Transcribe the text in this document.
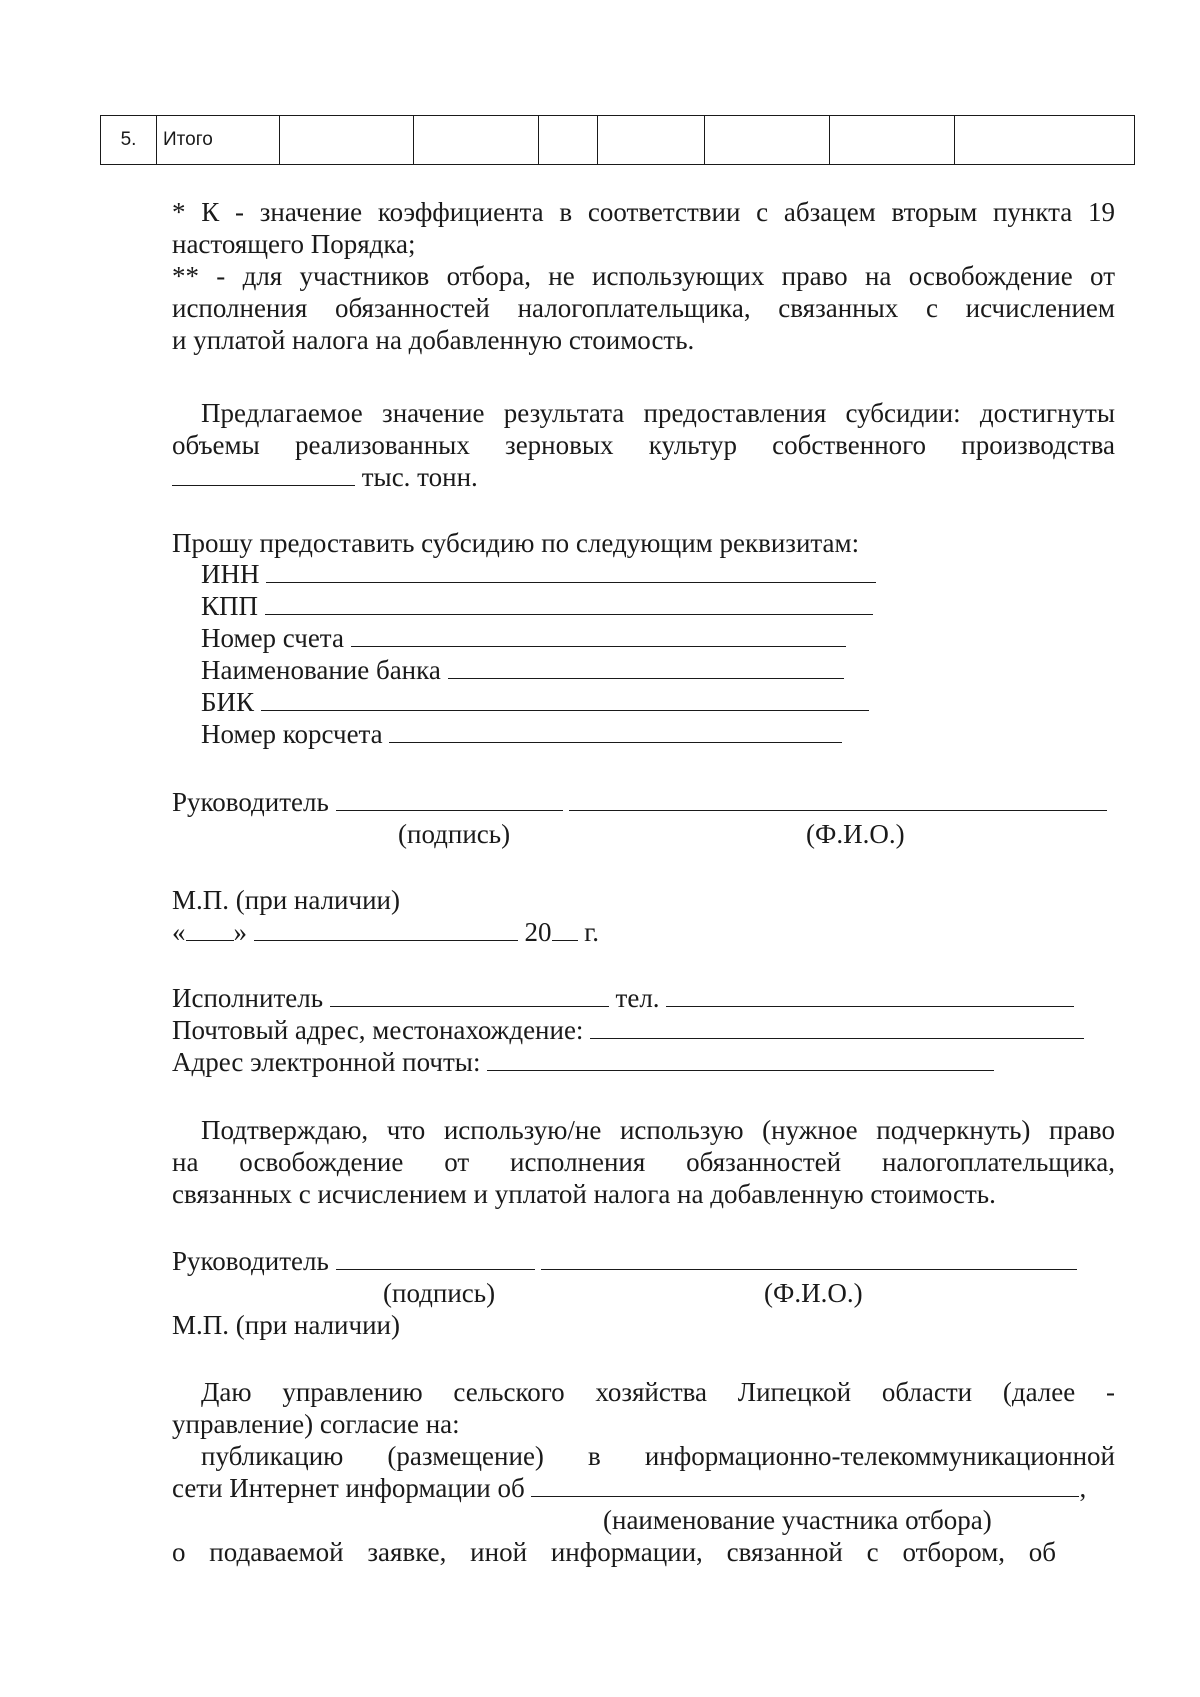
5.	Итого							
* К - значение коэффициента в соответствии с абзацем вторым пункта 19
настоящего Порядка;
** - для участников отбора, не использующих право на освобождение от
исполнения обязанностей налогоплательщика, связанных с исчислением
и уплатой налога на добавленную стоимость.
Предлагаемое значение результата предоставления субсидии: достигнуты
объемы реализованных зерновых культур собственного производства
тыс. тонн.
Прошу предоставить субсидию по следующим реквизитам:
ИНН
КПП
Номер счета
Наименование банка
БИК
Номер корсчета
Руководитель
(подпись)	(Ф.И.О.)
М.П. (при наличии)
« »	20 г.
Исполнитель	тел.
Почтовый адрес, местонахождение:
Адрес электронной почты:
Подтверждаю, что использую/не использую (нужное подчеркнуть) право
на освобождение от исполнения обязанностей налогоплательщика,
связанных с исчислением и уплатой налога на добавленную стоимость.
Руководитель
(подпись)	(Ф.И.О.)
М.П. (при наличии)
Даю управлению сельского хозяйства Липецкой области (далее -
управление) согласие на:
публикацию (размещение) в информационно-телекоммуникационной
сети Интернет информации об	,
(наименование участника отбора)
о подаваемой заявке, иной информации, связанной с отбором, об
